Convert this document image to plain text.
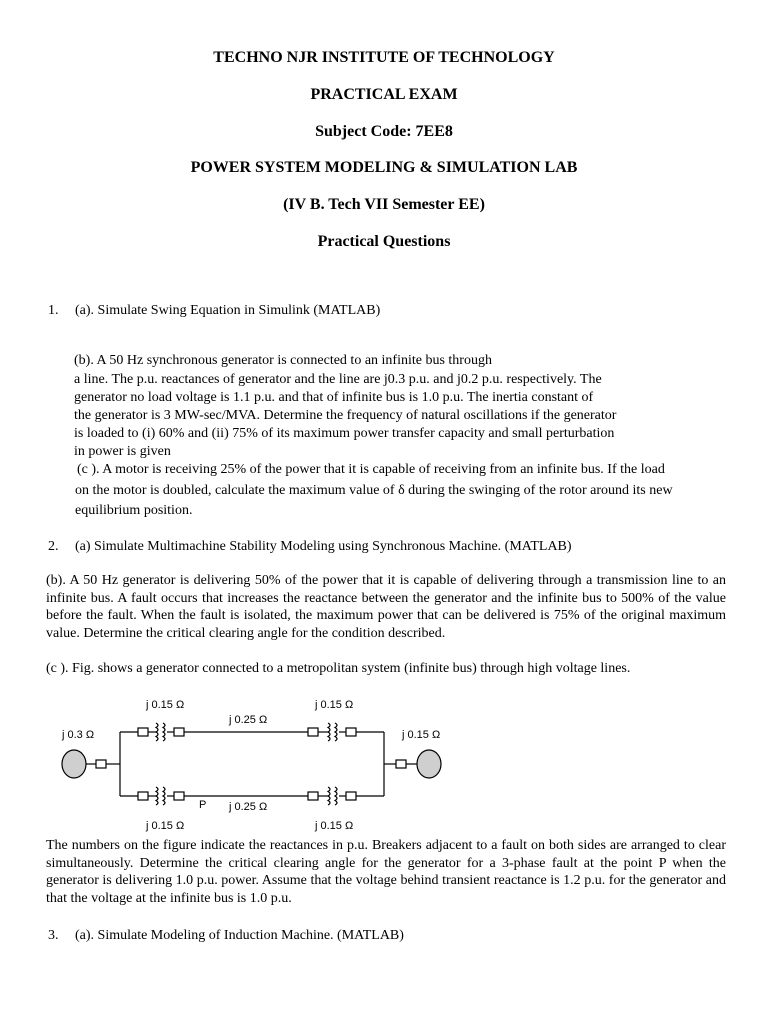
TECHNO NJR INSTITUTE OF TECHNOLOGY
PRACTICAL EXAM
Subject Code: 7EE8
POWER SYSTEM MODELING & SIMULATION LAB
(IV B. Tech VII Semester EE)
Practical Questions
1. (a). Simulate Swing Equation in Simulink (MATLAB)
(b). A 50 Hz synchronous generator is connected to an infinite bus through
a line. The p.u. reactances of generator and the line are j0.3 p.u. and j0.2 p.u. respectively. The
generator no load voltage is 1.1 p.u. and that of infinite bus is 1.0 p.u. The inertia constant of
the generator is 3 MW-sec/MVA. Determine the frequency of natural oscillations if the generator
is loaded to (i) 60% and (ii) 75% of its maximum power transfer capacity and small perturbation
in power is given
(c ). A motor is receiving 25% of the power that it is capable of receiving from an infinite bus. If the load
on the motor is doubled, calculate the maximum value of δ during the swinging of the rotor around its new
equilibrium position.
2. (a) Simulate Multimachine Stability Modeling using Synchronous Machine. (MATLAB)
(b). A 50 Hz generator is delivering 50% of the power that it is capable of delivering through a transmission line to an infinite bus. A fault occurs that increases the reactance between the generator and the infinite bus to 500% of the value before the fault. When the fault is isolated, the maximum power that can be delivered is 75% of the original maximum value. Determine the critical clearing angle for the condition described.
(c ). Fig. shows a generator connected to a metropolitan system (infinite bus) through high voltage lines.
j 0.3 Ω
j 0.15 Ω
j 0.25 Ω
j 0.15 Ω
j 0.15 Ω
P j 0.25 Ω
j 0.15 Ω	j 0.15 Ω
The numbers on the figure indicate the reactances in p.u. Breakers adjacent to a fault on both sides are arranged to clear simultaneously. Determine the critical clearing angle for the generator for a 3-phase fault at the point P when the generator is delivering 1.0 p.u. power. Assume that the voltage behind transient reactance is 1.2 p.u. for the generator and that the voltage at the infinite bus is 1.0 p.u.
3. (a). Simulate Modeling of Induction Machine. (MATLAB)
